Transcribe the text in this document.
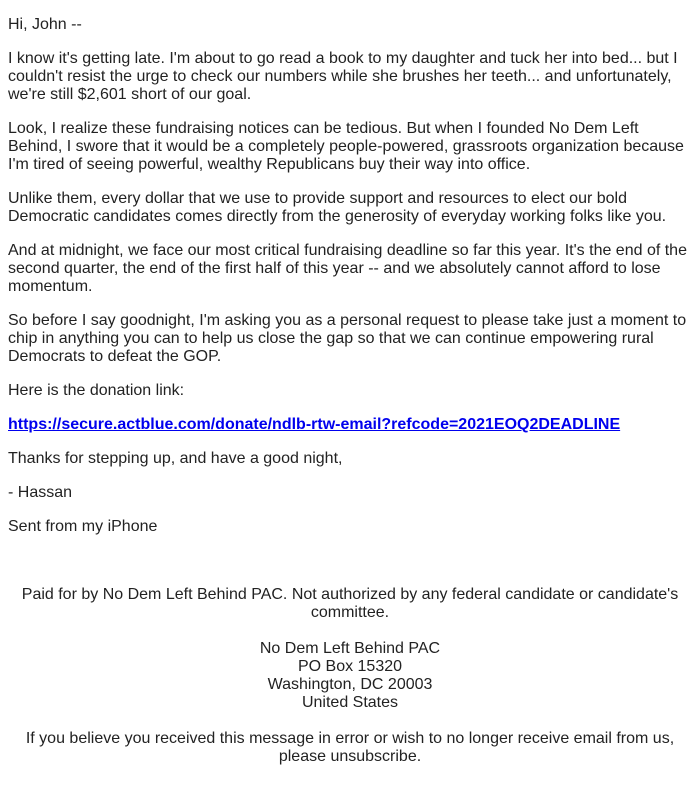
Hi, John --

I know it's getting late. I'm about to go read a book to my daughter and tuck her into bed... but I couldn't resist the urge to check our numbers while she brushes her teeth... and unfortunately, we're still $2,601 short of our goal.

Look, I realize these fundraising notices can be tedious. But when I founded No Dem Left Behind, I swore that it would be a completely people-powered, grassroots organization because I'm tired of seeing powerful, wealthy Republicans buy their way into office.

Unlike them, every dollar that we use to provide support and resources to elect our bold Democratic candidates comes directly from the generosity of everyday working folks like you.

And at midnight, we face our most critical fundraising deadline so far this year. It's the end of the second quarter, the end of the first half of this year -- and we absolutely cannot afford to lose momentum.

So before I say goodnight, I'm asking you as a personal request to please take just a moment to chip in anything you can to help us close the gap so that we can continue empowering rural Democrats to defeat the GOP.

Here is the donation link:

https://secure.actblue.com/donate/ndlb-rtw-email?refcode=2021EOQ2DEADLINE

Thanks for stepping up, and have a good night,

- Hassan

Sent from my iPhone

Paid for by No Dem Left Behind PAC. Not authorized by any federal candidate or candidate's committee.

No Dem Left Behind PAC
PO Box 15320
Washington, DC 20003
United States

If you believe you received this message in error or wish to no longer receive email from us, please unsubscribe.
